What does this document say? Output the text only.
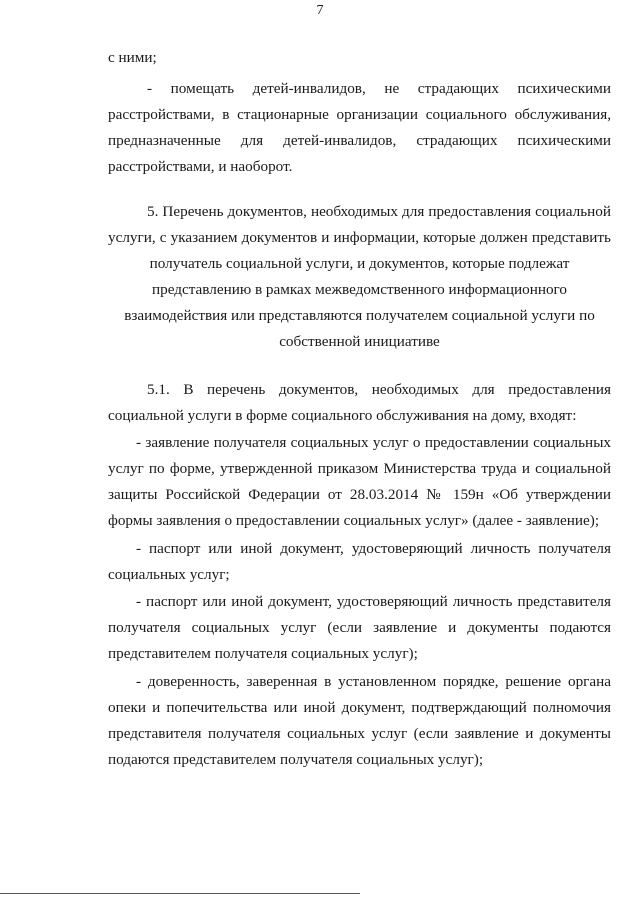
7
с ними;
- помещать детей-инвалидов, не страдающих психическими
расстройствами, в стационарные организации социального обслуживания,
предназначенные для детей-инвалидов, страдающих психическими
расстройствами, и наоборот.
5. Перечень документов, необходимых для предоставления социальной
услуги, с указанием документов и информации, которые должен представить
получатель социальной услуги, и документов, которые подлежат
представлению в рамках межведомственного информационного
взаимодействия или представляются получателем социальной услуги по
собственной инициативе
5.1. В перечень документов, необходимых для предоставления
социальной услуги в форме социального обслуживания на дому, входят:
- заявление получателя социальных услуг о предоставлении социальных
услуг по форме, утвержденной приказом Министерства труда и социальной
защиты Российской Федерации от 28.03.2014 № 159н «Об утверждении
формы заявления о предоставлении социальных услуг» (далее - заявление);
- паспорт или иной документ, удостоверяющий личность получателя
социальных услуг;
- паспорт или иной документ, удостоверяющий личность представителя
получателя социальных услуг (если заявление и документы подаются
представителем получателя социальных услуг);
- доверенность, заверенная в установленном порядке, решение органа
опеки и попечительства или иной документ, подтверждающий полномочия
представителя получателя социальных услуг (если заявление и документы
подаются представителем получателя социальных услуг);
